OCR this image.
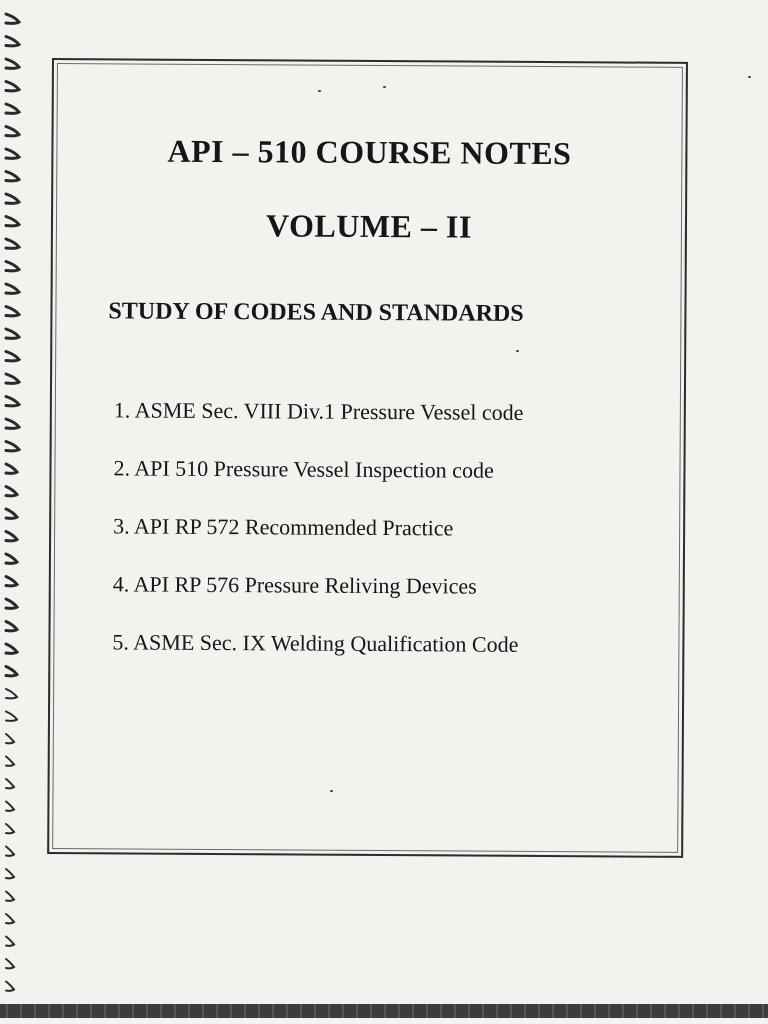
API – 510 COURSE NOTES
VOLUME – II
STUDY OF CODES AND STANDARDS
1. ASME Sec. VIII Div.1 Pressure Vessel code
2. API 510 Pressure Vessel Inspection code
3. API RP 572 Recommended Practice
4. API RP 576 Pressure Reliving Devices
5. ASME Sec. IX Welding Qualification Code
